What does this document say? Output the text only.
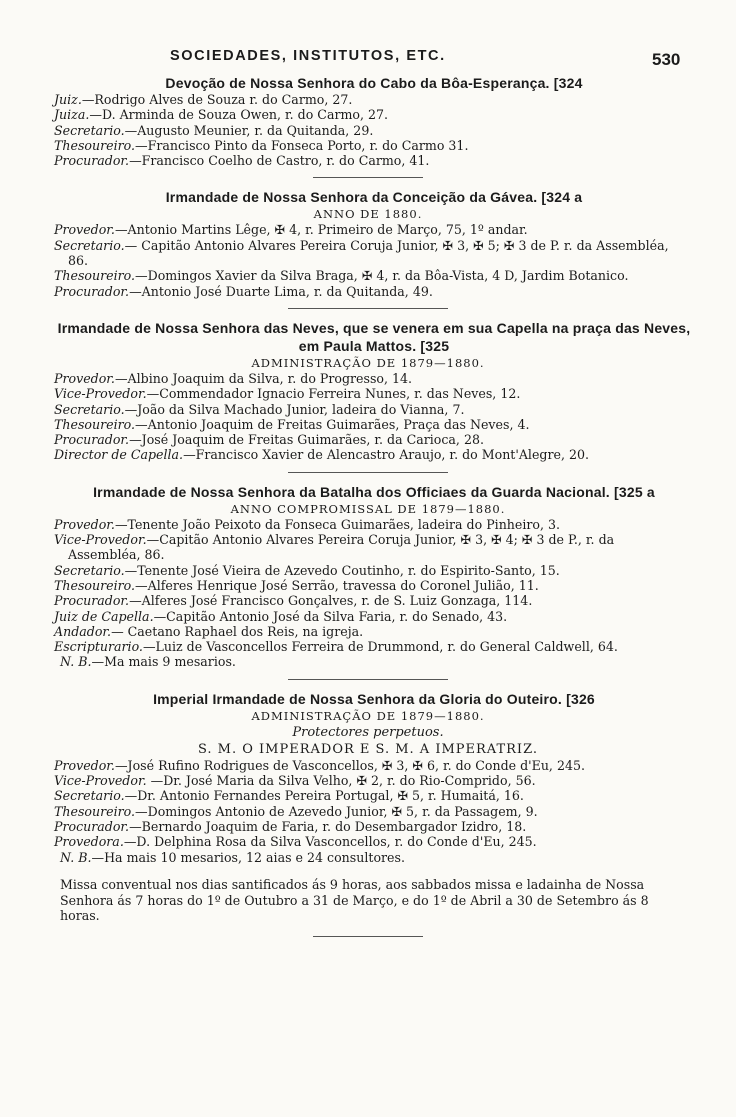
SOCIEDADES, INSTITUTOS, ETC.	530
Devoção de Nossa Senhora do Cabo da Bôa-Esperança. [324

Juiz.—Rodrigo Alves de Souza r. do Carmo, 27.

Juiza.—D. Arminda de Souza Owen, r. do Carmo, 27.

Secretario.—Augusto Meunier, r. da Quitanda, 29.

Thesoureiro.—Francisco Pinto da Fonseca Porto, r. do Carmo 31.

Procurador.—Francisco Coelho de Castro, r. do Carmo, 41.

Irmandade de Nossa Senhora da Conceição da Gávea. [324 a
ANNO DE 1880.

Provedor.—Antonio Martins Lêge, ✠ 4, r. Primeiro de Março, 75, 1º andar.

Secretario.— Capitão Antonio Alvares Pereira Coruja Junior, ✠ 3, ✠ 5; ✠ 3 de P. r. da Assembléa, 86.

Thesoureiro.—Domingos Xavier da Silva Braga, ✠ 4, r. da Bôa-Vista, 4 D, Jardim Botanico.

Procurador.—Antonio José Duarte Lima, r. da Quitanda, 49.

Irmandade de Nossa Senhora das Neves, que se venera em sua Capella na praça das Neves, em Paula Mattos. [325
ADMINISTRAÇÃO DE 1879—1880.

Provedor.—Albino Joaquim da Silva, r. do Progresso, 14.

Vice-Provedor.—Commendador Ignacio Ferreira Nunes, r. das Neves, 12.

Secretario.—João da Silva Machado Junior, ladeira do Vianna, 7.

Thesoureiro.—Antonio Joaquim de Freitas Guimarães, Praça das Neves, 4.

Procurador.—José Joaquim de Freitas Guimarães, r. da Carioca, 28.

Director de Capella.—Francisco Xavier de Alencastro Araujo, r. do Mont'Alegre, 20.

Irmandade de Nossa Senhora da Batalha dos Officiaes da Guarda Nacional. [325 a
ANNO COMPROMISSAL DE 1879—1880.

Provedor.—Tenente João Peixoto da Fonseca Guimarães, ladeira do Pinheiro, 3.

Vice-Provedor.—Capitão Antonio Alvares Pereira Coruja Junior, ✠ 3, ✠ 4; ✠ 3 de P., r. da Assembléa, 86.

Secretario.—Tenente José Vieira de Azevedo Coutinho, r. do Espirito-Santo, 15.

Thesoureiro.—Alferes Henrique José Serrão, travessa do Coronel Julião, 11.

Procurador.—Alferes José Francisco Gonçalves, r. de S. Luiz Gonzaga, 114.

Juiz de Capella.—Capitão Antonio José da Silva Faria, r. do Senado, 43.

Andador.— Caetano Raphael dos Reis, na igreja.

Escripturario.—Luiz de Vasconcellos Ferreira de Drummond, r. do General Caldwell, 64.

N. B.—Ma mais 9 mesarios.

Imperial Irmandade de Nossa Senhora da Gloria do Outeiro. [326
ADMINISTRAÇÃO DE 1879—1880.
Protectores perpetuos.
S. M. O IMPERADOR E S. M. A IMPERATRIZ.

Provedor.—José Rufino Rodrigues de Vasconcellos, ✠ 3, ✠ 6, r. do Conde d'Eu, 245.

Vice-Provedor. —Dr. José Maria da Silva Velho, ✠ 2, r. do Rio-Comprido, 56.

Secretario.—Dr. Antonio Fernandes Pereira Portugal, ✠ 5, r. Humaitá, 16.

Thesoureiro.—Domingos Antonio de Azevedo Junior, ✠ 5, r. da Passagem, 9.

Procurador.—Bernardo Joaquim de Faria, r. do Desembargador Izidro, 18.

Provedora.—D. Delphina Rosa da Silva Vasconcellos, r. do Conde d'Eu, 245.

N. B.—Ha mais 10 mesarios, 12 aias e 24 consultores.

Missa conventual nos dias santificados ás 9 horas, aos sabbados missa e ladainha de Nossa Senhora ás 7 horas do 1º de Outubro a 31 de Março, e do 1º de Abril a 30 de Setembro ás 8 horas.
